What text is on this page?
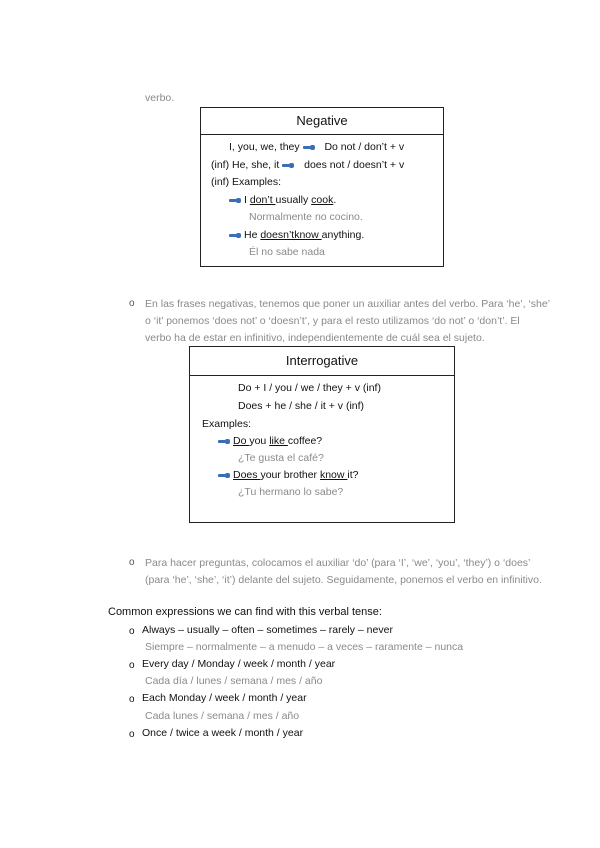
verbo.
Negative
I, you, we, they Do not / don’t + v
(inf) He, she, it does not / doesn’t + v
(inf) Examples:
I don’t usually cook.
Normalmente no cocino.
He doesn’tknow anything.
Él no sabe nada
o En las frases negativas, tenemos que poner un auxiliar antes del verbo. Para ‘he’, ‘she’
o ‘it’ ponemos ‘does not’ o ‘doesn’t’, y para el resto utilizamos ‘do not’ o ‘don’t’. El
verbo ha de estar en infinitivo, independientemente de cuál sea el sujeto.
Interrogative
Do + I / you / we / they + v (inf)
Does + he / she / it + v (inf)
Examples:
Do you like coffee?
¿Te gusta el café?
Does your brother know it?
¿Tu hermano lo sabe?
o Para hacer preguntas, colocamos el auxiliar ‘do’ (para ‘I’, ‘we’, ‘you’, ‘they’) o ‘does’
(para ‘he’, ‘she’, ‘it’) delante del sujeto. Seguidamente, ponemos el verbo en infinitivo.
Common expressions we can find with this verbal tense:
o Always – usually – often – sometimes – rarely – never
Siempre – normalmente – a menudo – a veces – raramente – nunca
o Every day / Monday / week / month / year
Cada día / lunes / semana / mes / año
o Each Monday / week / month / year
Cada lunes / semana / mes / año
o Once / twice a week / month / year
